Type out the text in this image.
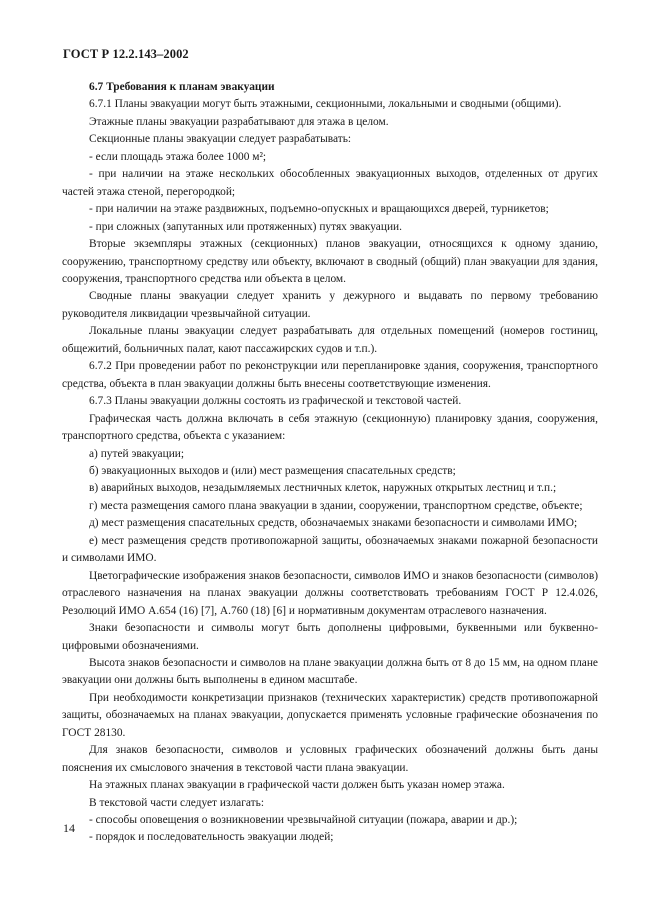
ГОСТ Р 12.2.143–2002

6.7 Требования к планам эвакуации

6.7.1 Планы эвакуации могут быть этажными, секционными, локальными и сводными (общими).

Этажные планы эвакуации разрабатывают для этажа в целом.

Секционные планы эвакуации следует разрабатывать:

- если площадь этажа более 1000 м²;

- при наличии на этаже нескольких обособленных эвакуационных выходов, отделенных от других частей этажа стеной, перегородкой;

- при наличии на этаже раздвижных, подъемно-опускных и вращающихся дверей, турникетов;

- при сложных (запутанных или протяженных) путях эвакуации.

Вторые экземпляры этажных (секционных) планов эвакуации, относящихся к одному зданию, сооружению, транспортному средству или объекту, включают в сводный (общий) план эвакуации для здания, сооружения, транспортного средства или объекта в целом.

Сводные планы эвакуации следует хранить у дежурного и выдавать по первому требованию руководителя ликвидации чрезвычайной ситуации.

Локальные планы эвакуации следует разрабатывать для отдельных помещений (номеров гостиниц, общежитий, больничных палат, кают пассажирских судов и т.п.).

6.7.2 При проведении работ по реконструкции или перепланировке здания, сооружения, транспортного средства, объекта в план эвакуации должны быть внесены соответствующие изменения.

6.7.3 Планы эвакуации должны состоять из графической и текстовой частей.

Графическая часть должна включать в себя этажную (секционную) планировку здания, сооружения, транспортного средства, объекта с указанием:

а) путей эвакуации;

б) эвакуационных выходов и (или) мест размещения спасательных средств;

в) аварийных выходов, незадымляемых лестничных клеток, наружных открытых лестниц и т.п.;

г) места размещения самого плана эвакуации в здании, сооружении, транспортном средстве, объекте;

д) мест размещения спасательных средств, обозначаемых знаками безопасности и символами ИМО;

е) мест размещения средств противопожарной защиты, обозначаемых знаками пожарной безопасности и символами ИМО.

Цветографические изображения знаков безопасности, символов ИМО и знаков безопасности (символов) отраслевого назначения на планах эвакуации должны соответствовать требованиям ГОСТ Р 12.4.026, Резолюций ИМО А.654 (16) [7], А.760 (18) [6] и нормативным документам отраслевого назначения.

Знаки безопасности и символы могут быть дополнены цифровыми, буквенными или буквенно-цифровыми обозначениями.

Высота знаков безопасности и символов на плане эвакуации должна быть от 8 до 15 мм, на одном плане эвакуации они должны быть выполнены в едином масштабе.

При необходимости конкретизации признаков (технических характеристик) средств противопожарной защиты, обозначаемых на планах эвакуации, допускается применять условные графические обозначения по ГОСТ 28130.

Для знаков безопасности, символов и условных графических обозначений должны быть даны пояснения их смыслового значения в текстовой части плана эвакуации.

На этажных планах эвакуации в графической части должен быть указан номер этажа.

В текстовой части следует излагать:

- способы оповещения о возникновении чрезвычайной ситуации (пожара, аварии и др.);

- порядок и последовательность эвакуации людей;

14
